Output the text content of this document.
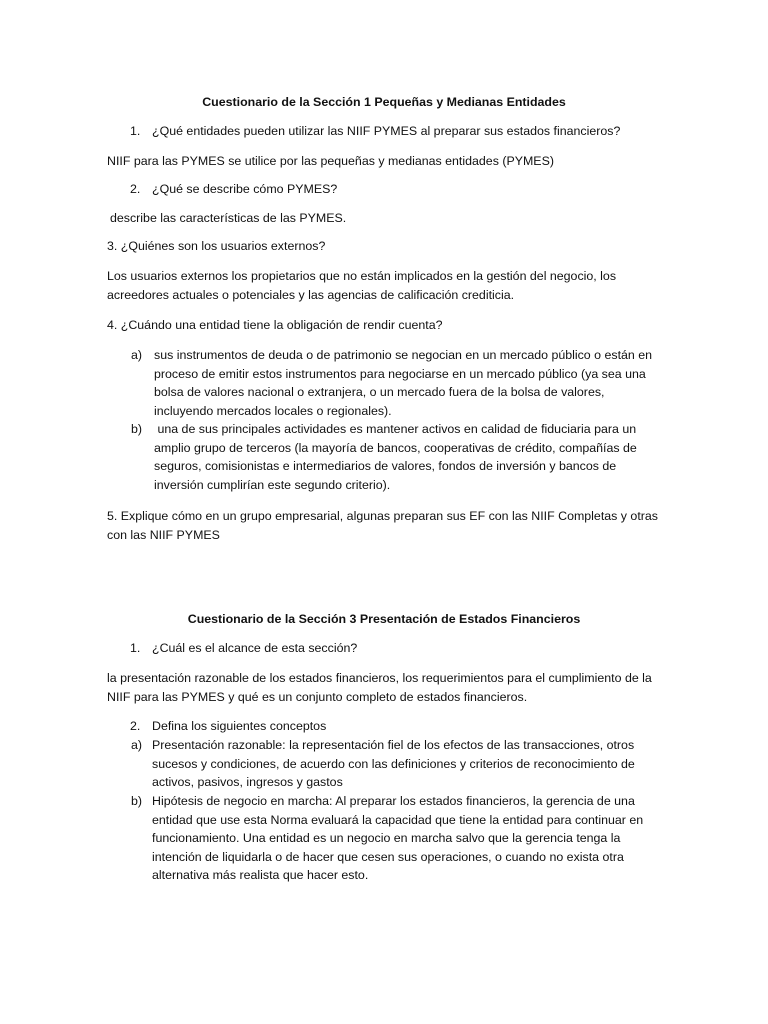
Cuestionario de la Sección 1 Pequeñas y Medianas Entidades
1. ¿Qué entidades pueden utilizar las NIIF PYMES al preparar sus estados financieros?
NIIF para las PYMES se utilice por las pequeñas y medianas entidades (PYMES)
2. ¿Qué se describe cómo PYMES?
describe las características de las PYMES.
3. ¿Quiénes son los usuarios externos?
Los usuarios externos los propietarios que no están implicados en la gestión del negocio, los
acreedores actuales o potenciales y las agencias de calificación crediticia.
4. ¿Cuándo una entidad tiene la obligación de rendir cuenta?
a) sus instrumentos de deuda o de patrimonio se negocian en un mercado público o están en
proceso de emitir estos instrumentos para negociarse en un mercado público (ya sea una
bolsa de valores nacional o extranjera, o un mercado fuera de la bolsa de valores,
incluyendo mercados locales o regionales).
b) una de sus principales actividades es mantener activos en calidad de fiduciaria para un
amplio grupo de terceros (la mayoría de bancos, cooperativas de crédito, compañías de
seguros, comisionistas e intermediarios de valores, fondos de inversión y bancos de
inversión cumplirían este segundo criterio).
5. Explique cómo en un grupo empresarial, algunas preparan sus EF con las NIIF Completas y otras
con las NIIF PYMES
Cuestionario de la Sección 3 Presentación de Estados Financieros
1. ¿Cuál es el alcance de esta sección?
la presentación razonable de los estados financieros, los requerimientos para el cumplimiento de la
NIIF para las PYMES y qué es un conjunto completo de estados financieros.
2. Defina los siguientes conceptos
a) Presentación razonable: la representación fiel de los efectos de las transacciones, otros
sucesos y condiciones, de acuerdo con las definiciones y criterios de reconocimiento de
activos, pasivos, ingresos y gastos
b) Hipótesis de negocio en marcha: Al preparar los estados financieros, la gerencia de una
entidad que use esta Norma evaluará la capacidad que tiene la entidad para continuar en
funcionamiento. Una entidad es un negocio en marcha salvo que la gerencia tenga la
intención de liquidarla o de hacer que cesen sus operaciones, o cuando no exista otra
alternativa más realista que hacer esto.
